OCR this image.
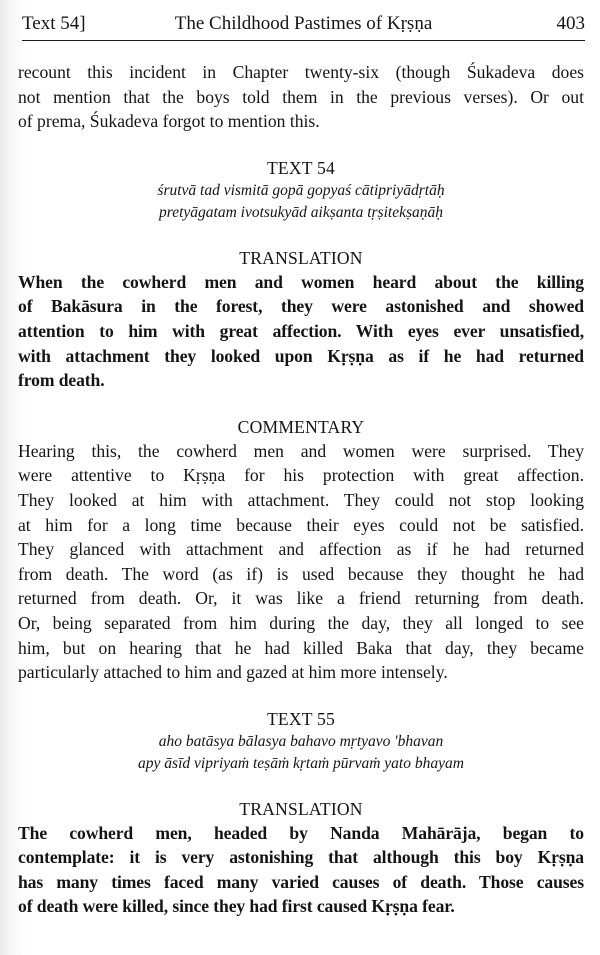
Text 54]	The Childhood Pastimes of Kṛṣṇa	403
recount this incident in Chapter twenty-six (though Śukadeva does
not mention that the boys told them in the previous verses). Or out
of prema, Śukadeva forgot to mention this.
TEXT 54
śrutvā tad vismitā gopā gopyaś cātipriyādṛtāḥ
pretyāgatam ivotsukyād aikṣanta tṛṣitekṣaṇāḥ
TRANSLATION
When the cowherd men and women heard about the killing
of Bakāsura in the forest, they were astonished and showed
attention to him with great affection. With eyes ever unsatisfied,
with attachment they looked upon Kṛṣṇa as if he had returned
from death.
COMMENTARY
Hearing this, the cowherd men and women were surprised. They
were attentive to Kṛṣṇa for his protection with great affection.
They looked at him with attachment. They could not stop looking
at him for a long time because their eyes could not be satisfied.
They glanced with attachment and affection as if he had returned
from death. The word (as if) is used because they thought he had
returned from death. Or, it was like a friend returning from death.
Or, being separated from him during the day, they all longed to see
him, but on hearing that he had killed Baka that day, they became
particularly attached to him and gazed at him more intensely.
TEXT 55
aho batāsya bālasya bahavo mṛtyavo 'bhavan
apy āsīd vipriyaṁ teṣāṁ kṛtaṁ pūrvaṁ yato bhayam
TRANSLATION
The cowherd men, headed by Nanda Mahārāja, began to
contemplate: it is very astonishing that although this boy Kṛṣṇa
has many times faced many varied causes of death. Those causes
of death were killed, since they had first caused Kṛṣṇa fear.
